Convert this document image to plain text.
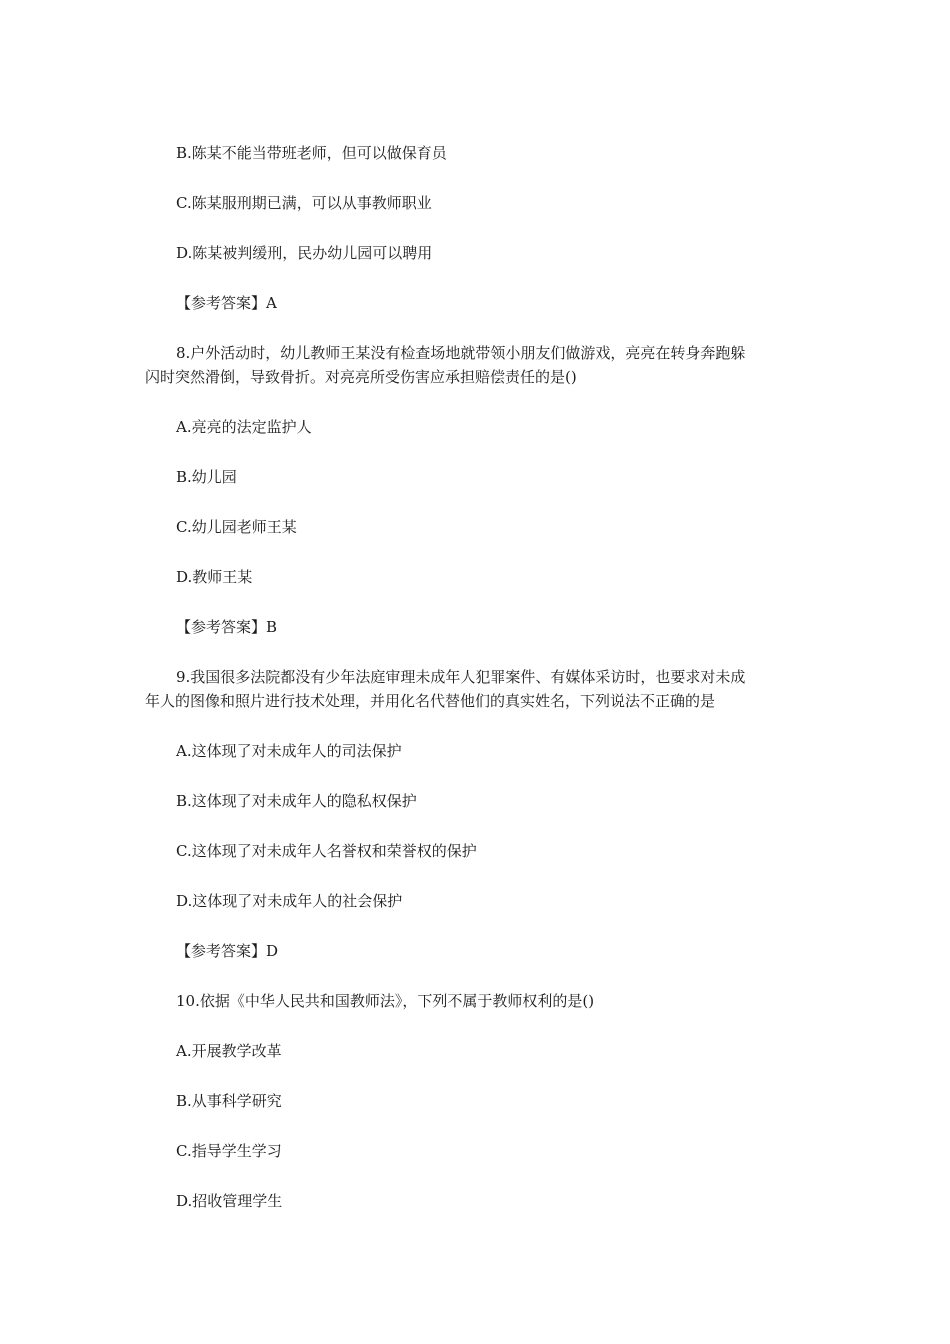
B.陈某不能当带班老师，但可以做保育员
C.陈某服刑期已满，可以从事教师职业
D.陈某被判缓刑，民办幼儿园可以聘用
【参考答案】A
8.户外活动时，幼儿教师王某没有检查场地就带领小朋友们做游戏，亮亮在转身奔跑躲
闪时突然滑倒，导致骨折。对亮亮所受伤害应承担赔偿责任的是()
A.亮亮的法定监护人
B.幼儿园
C.幼儿园老师王某
D.教师王某
【参考答案】B
9.我国很多法院都没有少年法庭审理未成年人犯罪案件、有媒体采访时，也要求对未成
年人的图像和照片进行技术处理，并用化名代替他们的真实姓名，下列说法不正确的是
A.这体现了对未成年人的司法保护
B.这体现了对未成年人的隐私权保护
C.这体现了对未成年人名誉权和荣誉权的保护
D.这体现了对未成年人的社会保护
【参考答案】D
10.依据《中华人民共和国教师法》，下列不属于教师权利的是()
A.开展教学改革
B.从事科学研究
C.指导学生学习
D.招收管理学生
